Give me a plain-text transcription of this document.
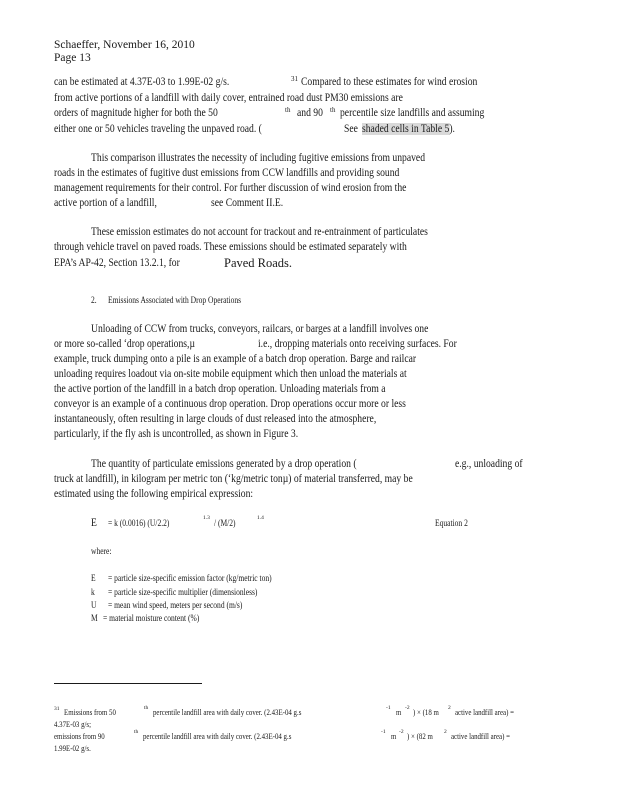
Schaeffer, November 16, 2010
Page 13
can be estimated at 4.37E-03 to 1.99E-02 g/s.	31 Compared to these estimates for wind erosion
from active portions of a landfill with daily cover, entrained road dust PM30 emissions are
orders of magnitude higher for both the 50	th and 90 th percentile size landfills and assuming
either one or 50 vehicles traveling the unpaved road. (	See shaded cells in Table 5).
This comparison illustrates the necessity of including fugitive emissions from unpaved
roads in the estimates of fugitive dust emissions from CCW landfills and providing sound
management requirements for their control. For further discussion of wind erosion from the
active portion of a landfill,	see Comment II.E.
These emission estimates do not account for trackout and re-entrainment of particulates
through vehicle travel on paved roads. These emissions should be estimated separately with
EPA’s AP-42, Section 13.2.1, for	Paved Roads.
2. Emissions Associated with Drop Operations
Unloading of CCW from trucks, conveyors, railcars, or barges at a landfill involves one
or more so-called ‘drop operations,µ	i.e., dropping materials onto receiving surfaces. For
example, truck dumping onto a pile is an example of a batch drop operation. Barge and railcar
unloading requires loadout via on-site mobile equipment which then unload the materials at
the active portion of the landfill in a batch drop operation. Unloading materials from a
conveyor is an example of a continuous drop operation. Drop operations occur more or less
instantaneously, often resulting in large clouds of dust released into the atmosphere,
particularly, if the fly ash is uncontrolled, as shown in Figure 3.
The quantity of particulate emissions generated by a drop operation (	e.g., unloading of
truck at landfill), in kilogram per metric ton (‘kg/metric tonµ) of material transferred, may be
estimated using the following empirical expression:
E = k (0.0016) (U/2.2)	1.3 / (M/2)	1.4	Equation 2
where:
E = particle size-specific emission factor (kg/metric ton)
k = particle size-specific multiplier (dimensionless)
U = mean wind speed, meters per second (m/s)
M = material moisture content (%)
31 Emissions from 50	th percentile landfill area with daily cover. (2.43E-04 g.s	-1 m -2 ) × (18 m 2 active landfill area) =
4.37E-03 g/s;
emissions from 90	th percentile landfill area with daily cover. (2.43E-04 g.s	-1 m -2 ) × (82 m 2 active landfill area) =
1.99E-02 g/s.
